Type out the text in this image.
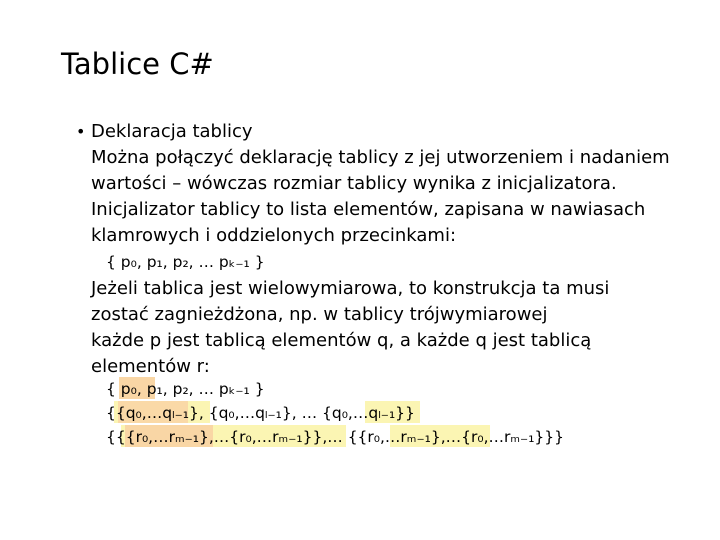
Tablice C#
• Deklaracja tablicy
Można połączyć deklarację tablicy z jej utworzeniem i nadaniem
wartości – wówczas rozmiar tablicy wynika z inicjalizatora.
Inicjalizator tablicy to lista elementów, zapisana w nawiasach
klamrowych i oddzielonych przecinkami:
{ p₀, p₁, p₂, … pₖ₋₁ }
Jeżeli tablica jest wielowymiarowa, to konstrukcja ta musi
zostać zagnieżdżona, np. w tablicy trójwymiarowej
każde p jest tablicą elementów q, a każde q jest tablicą
elementów r:
{ p₀, p₁, p₂, … pₖ₋₁ }
{{q₀,…qₗ₋₁}, {q₀,…qₗ₋₁}, … {q₀,…qₗ₋₁}}
{{{r₀,…rₘ₋₁},…{r₀,…rₘ₋₁}},… {{r₀,…rₘ₋₁},…{r₀,…rₘ₋₁}}}
